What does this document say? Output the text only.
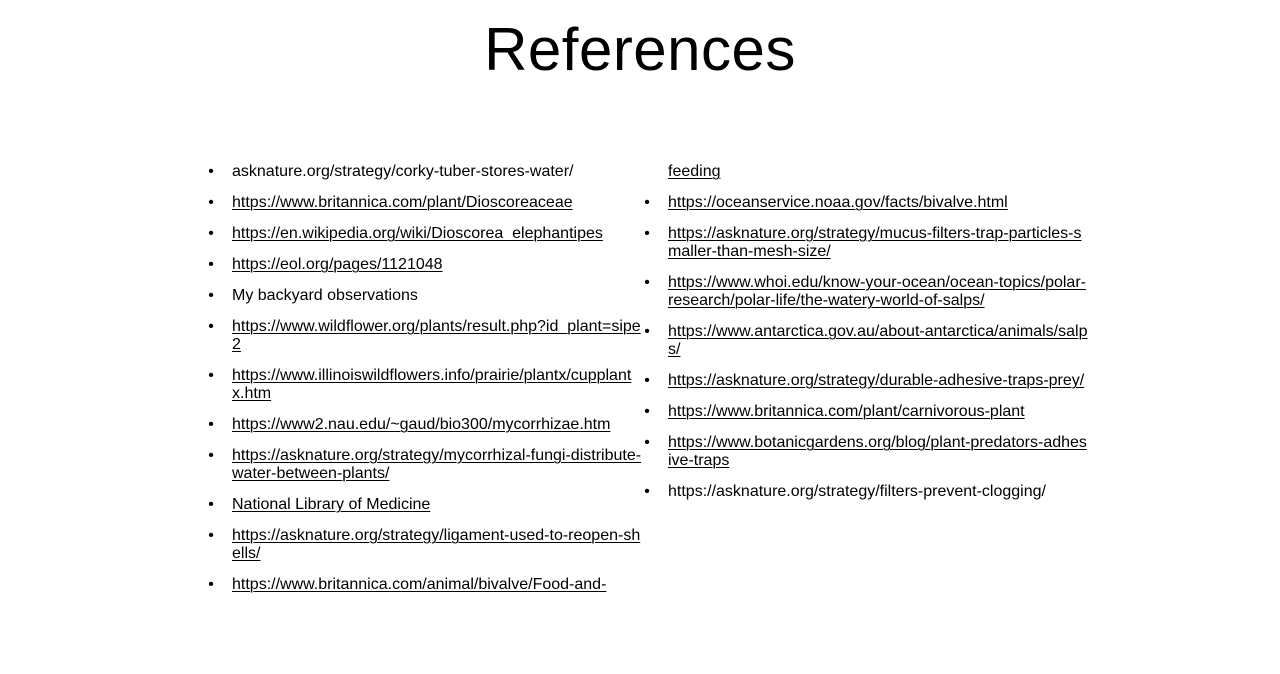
References
• asknature.org/strategy/corky-tuber-stores-water/
• https://www.britannica.com/plant/Dioscoreaceae
• https://en.wikipedia.org/wiki/Dioscorea_elephantipes
• https://eol.org/pages/1121048
• My backyard observations
• https://www.wildflower.org/plants/result.php?id_plant=sipe2
• https://www.illinoiswildflowers.info/prairie/plantx/cupplantx.htm
• https://www2.nau.edu/~gaud/bio300/mycorrhizae.htm
• https://asknature.org/strategy/mycorrhizal-fungi-distribute-water-between-plants/
• National Library of Medicine
• https://asknature.org/strategy/ligament-used-to-reopen-shells/
• https://www.britannica.com/animal/bivalve/Food-and-
feeding
• https://oceanservice.noaa.gov/facts/bivalve.html
• https://asknature.org/strategy/mucus-filters-trap-particles-smaller-than-mesh-size/
• https://www.whoi.edu/know-your-ocean/ocean-topics/polar-research/polar-life/the-watery-world-of-salps/
• https://www.antarctica.gov.au/about-antarctica/animals/salps/
• https://asknature.org/strategy/durable-adhesive-traps-prey/
• https://www.britannica.com/plant/carnivorous-plant
• https://www.botanicgardens.org/blog/plant-predators-adhesive-traps
• https://asknature.org/strategy/filters-prevent-clogging/
